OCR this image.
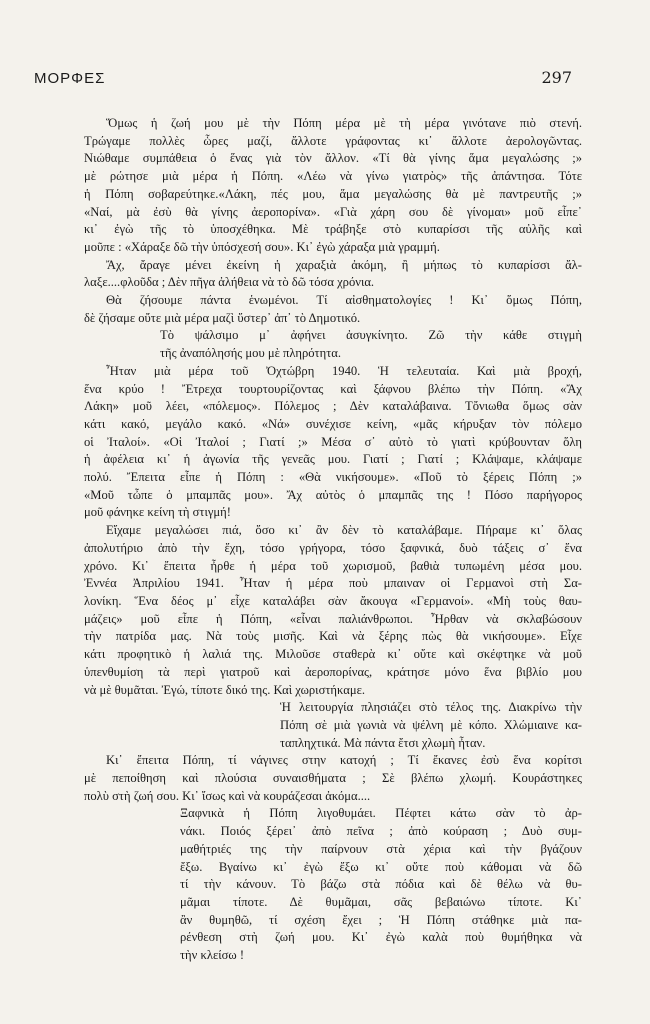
ΜΟΡΦΕΣ	297
Ὅμως ἡ ζωή μου μὲ τὴν Πόπη μέρα μὲ τὴ μέρα γινότανε πιὸ στενή.
Τρώγαμε πολλὲς ὧρες μαζί, ἄλλοτε γράφοντας κι᾽ ἄλλοτε ἀερολογῶντας.
Νιώθαμε συμπάθεια ὁ ἕνας γιὰ τὸν ἄλλον. «Τί θὰ γίνης ἅμα μεγαλώσης ;»
μὲ ρώτησε μιὰ μέρα ἡ Πόπη. «Λέω νὰ γίνω γιατρὸς» τῆς ἀπάντησα. Τότε
ἡ Πόπη σοβαρεύτηκε.«Λάκη, πές μου, ἅμα μεγαλώσης θὰ μὲ παντρευτῆς ;»
«Ναί, μὰ ἐσὺ θὰ γίνης ἀεροπορίνα». «Γιὰ χάρη σου δὲ γίνομαι» μοῦ εἶπε᾽
κι᾽ ἐγὼ τῆς τὸ ὑποσχέθηκα. Μὲ τράβηξε στὸ κυπαρίσσι τῆς αὐλῆς καὶ
μοῦπε : «Χάραξε δῶ τὴν ὑπόσχεσή σου». Κι᾽ ἐγὼ χάραξα μιὰ γραμμή.
Ἄχ, ἄραγε μένει ἐκείνη ἡ χαραξιὰ ἀκόμη, ἢ μήπως τὸ κυπαρίσσι ἄλ-
λαξε....φλοῦδα ; Δὲν πῆγα ἀλήθεια νὰ τὸ δῶ τόσα χρόνια.
Θὰ ζήσουμε πάντα ἑνωμένοι. Τί αἰσθηματολογίες ! Κι᾽ ὅμως Πόπη,
δὲ ζήσαμε οὔτε μιὰ μέρα μαζὶ ὕστερ᾽ ἀπ᾽ τὸ Δημοτικό.
Τὸ ψάλσιμο μ᾽ ἀφήνει ἀσυγκίνητο. Ζῶ τὴν κάθε στιγμὴ
τῆς ἀναπόλησής μου μὲ πληρότητα.
Ἦταν μιὰ μέρα τοῦ Ὀχτώβρη 1940. Ἡ τελευταία. Καὶ μιὰ βροχή,
ἕνα κρύο ! Ἔτρεχα τουρτουρίζοντας καὶ ξάφνου βλέπω τὴν Πόπη. «Ἄχ
Λάκη» μοῦ λέει, «πόλεμος». Πόλεμος ; Δὲν καταλάβαινα. Τὄνιωθα ὅμως σὰν
κάτι κακό, μεγάλο κακό. «Νά» συνέχισε κείνη, «μᾶς κήρυξαν τὸν πόλεμο
οἱ Ἰταλοί». «Οἱ Ἰταλοί ; Γιατί ;» Μέσα σ᾽ αὐτὸ τὸ γιατὶ κρύβουνταν ὅλη
ἡ ἀφέλεια κι᾽ ἡ ἀγωνία τῆς γενεᾶς μου. Γιατί ; Γιατί ; Κλάψαμε, κλάψαμε
πολύ. Ἔπειτα εἶπε ἡ Πόπη : «Θὰ νικήσουμε». «Ποῦ τὸ ξέρεις Πόπη ;»
«Μοῦ τὦπε ὁ μπαμπᾶς μου». Ἄχ αὐτὸς ὁ μπαμπᾶς της ! Πόσο παρήγορος
μοῦ φάνηκε κείνη τὴ στιγμή!
Εἴχαμε μεγαλώσει πιά, ὅσο κι᾽ ἂν δὲν τὸ καταλάβαμε. Πήραμε κι᾽ ὅλας
ἀπολυτήριο ἀπὸ τὴν ἕχη, τόσο γρήγορα, τόσο ξαφνικά, δυὸ τάξεις σ᾽ ἕνα
χρόνο. Κι᾽ ἔπειτα ἦρθε ἡ μέρα τοῦ χωρισμοῦ, βαθιὰ τυπωμένη μέσα μου.
Ἐννέα Ἀπριλίου 1941. Ἦταν ἡ μέρα ποὺ μπαιναν οἱ Γερμανοὶ στὴ Σα-
λονίκη. Ἕνα δέος μ᾽ εἶχε καταλάβει σὰν ἄκουγα «Γερμανοί». «Μὴ τοὺς θαυ-
μάζεις» μοῦ εἶπε ἡ Πόπη, «εἶναι παλιάνθρωποι. Ἦρθαν νὰ σκλαβώσουν
τὴν πατρίδα μας. Νὰ τοὺς μισῆς. Καὶ νὰ ξέρης πὼς θὰ νικήσουμε». Εἶχε
κάτι προφητικὸ ἡ λαλιά της. Μιλοῦσε σταθερὰ κι᾽ οὔτε καὶ σκέφτηκε νὰ μοῦ
ὑπενθυμίση τὰ περὶ γιατροῦ καὶ ἀεροπορίνας, κράτησε μόνο ἕνα βιβλίο μου
νὰ μὲ θυμᾶται. Ἐγώ, τίποτε δικό της. Καὶ χωριστήκαμε.
Ἡ λειτουργία πλησιάζει στὸ τέλος της. Διακρίνω τὴν
Πόπη σὲ μιὰ γωνιὰ νὰ ψέλνη μὲ κόπο. Χλώμιαινε κα-
ταπληχτικά. Μὰ πάντα ἔτσι χλωμὴ ἦταν.
Κι᾽ ἔπειτα Πόπη, τί νάγινες στην κατοχή ; Τί ἔκανες ἐσὺ ἕνα κορίτσι
μὲ πεποίθηση καὶ πλούσια συναισθήματα ; Σὲ βλέπω χλωμή. Κουράστηκες
πολὺ στὴ ζωή σου. Κι᾽ ἴσως καὶ νὰ κουράζεσαι ἀκόμα....
Ξαφνικὰ ἡ Πόπη λιγοθυμάει. Πέφτει κάτω σὰν τὸ ἀρ-
νάκι. Ποιός ξέρει᾽ ἀπὸ πεῖνα ; ἀπὸ κούραση ; Δυὸ συμ-
μαθήτριές της τὴν παίρνουν στὰ χέρια καὶ τὴν βγάζουν
ἔξω. Βγαίνω κι᾽ ἐγὼ ἔξω κι᾽ οὔτε ποὺ κάθομαι νὰ δῶ
τί τὴν κάνουν. Τὸ βάζω στὰ πόδια καὶ δὲ θέλω νὰ θυ-
μᾶμαι τίποτε. Δὲ θυμᾶμαι, σᾶς βεβαιώνω τίποτε. Κι᾽
ἂν θυμηθῶ, τί σχέση ἔχει ; Ἡ Πόπη στάθηκε μιὰ πα-
ρένθεση στὴ ζωή μου. Κι᾽ ἐγὼ καλὰ ποὺ θυμήθηκα νὰ
τὴν κλείσω !
